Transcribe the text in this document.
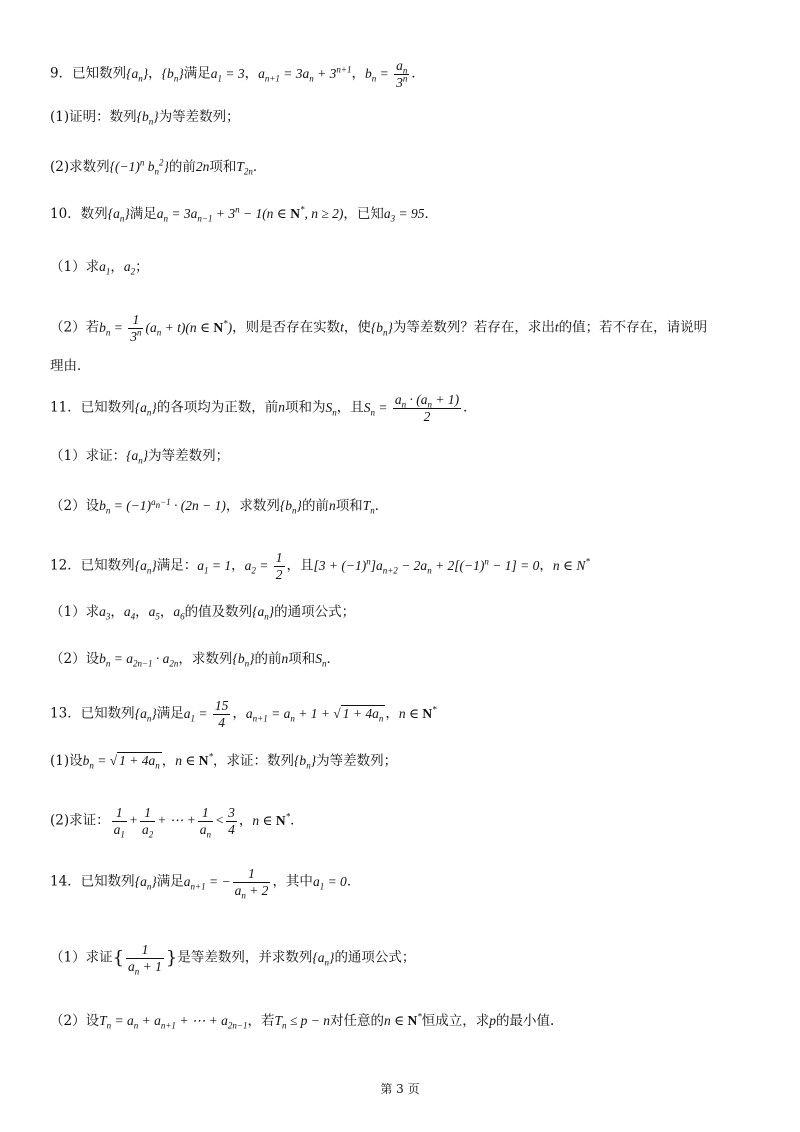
9．已知数列$\{a_n\}$，$\{b_n\}$满足$a_1 = 3$，$a_{n+1} = 3a_n + 3^{n+1}$，$b_n = \frac{a_n}{3^n}$ ．
(1)证明：数列$\{b_n\}$为等差数列；
(2)求数列{$(-1)^n$ $b_n^2$}的前2n项和$T_{2n}$．
10．数列$\{a_n\}$满足$a_n = 3a_{n-1} + 3^n - 1(n$ ∈ N*, n ≥ 2)，已知$a_3 = 95$．
（1）求$a_1$，$a_2$；
（2）若$b_n = \frac{1}{3^n} (a_n + t)(n$ ∈ N*)，则是否存在实数t，使$\{b_n\}$为等差数列？若存在，求出t的值；若不存在，请说明
理由．
11．已知数列$\{a_n\}$的各项均为正数，前n项和为$S_n$，且$S_n = \frac{a_n \cdot (a_n + 1)}{2}$ ．
（1）求证：$\{a_n\}$为等差数列；
（2）设$b_n = (-1)^{a_n-1} \cdot (2n - 1)$，求数列$\{b_n\}$的前n项和$T_n$．
12．已知数列$\{a_n\}$满足：$a_1 = 1$，$a_2 = \frac{1}{2}$ ，且$[3 + (-1)^n]a_{n+2} - 2a_n + 2[(-1)^n - 1] = 0$，n ∈ N*
（1）求$a_3$，$a_4$，$a_5$，$a_6$的值及数列$\{a_n\}$的通项公式；
（2）设$b_n = a_{2n-1} \cdot a_{2n}$，求数列$\{b_n\}$的前n项和$S_n$．
13．已知数列$\{a_n\}$满足$a_1 = \frac{15}{4}$ ，$a_{n+1} = a_n + 1$ + √ $1 + 4a_n$ ，n ∈ N*
(1)设$b_n$ = √ $1 + 4a_n$ ，n ∈ N*，求证：数列$\{b_n\}$为等差数列；
(2)求证： $\frac{1}{a_1} + \frac{1}{a_2}$ + ⋯ + $\frac{1}{a_n} < \frac{3}{4}$ ，n ∈ N*．
14．已知数列$\{a_n\}$满足$a_{n+1}$ = − $\frac{1}{a_n + 2}$ ，其中$a_1 = 0$．
（1）求证{ $\frac{1}{a_n + 1}$ }是等差数列，并求数列$\{a_n\}$的通项公式；
（2）设$T_n = a_n + a_{n+1}$ + ⋯ + $a_{2n-1}$，若$T_n \le p - n$对任意的n ∈ N*恒成立，求p的最小值.
第 3 页
